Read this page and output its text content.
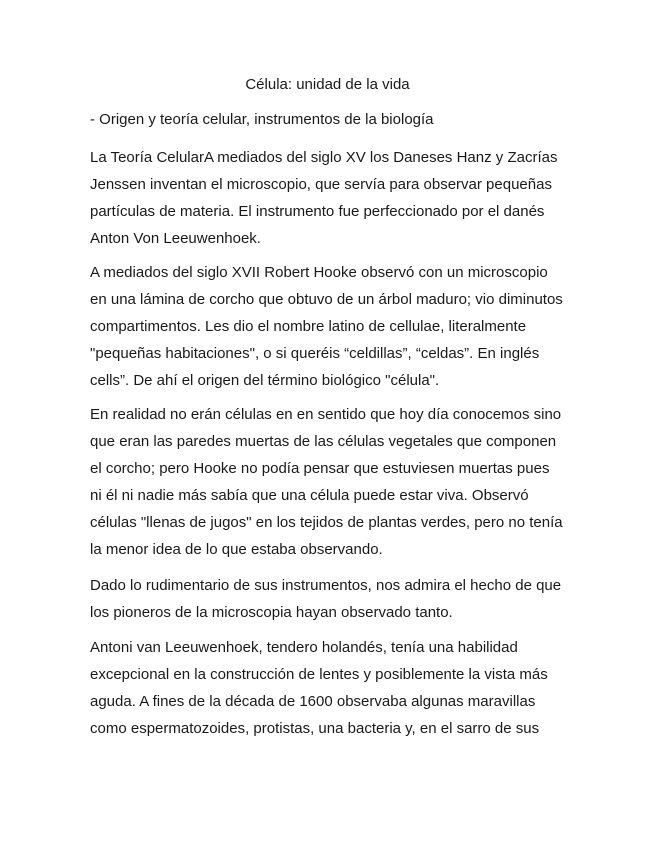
Célula: unidad de la vida

- Origen y teoría celular, instrumentos de la biología

La Teoría CelularA mediados del siglo XV los Daneses Hanz y Zacrías
Jenssen inventan el microscopio, que servía para observar pequeñas
partículas de materia. El instrumento fue perfeccionado por el danés
Anton Von Leeuwenhoek.

A mediados del siglo XVII Robert Hooke observó con un microscopio
en una lámina de corcho que obtuvo de un árbol maduro; vio diminutos
compartimentos. Les dio el nombre latino de cellulae, literalmente
"pequeñas habitaciones", o si queréis “celdillas”, “celdas”. En inglés
cells”. De ahí el origen del término biológico "célula".

En realidad no erán células en en sentido que hoy día conocemos sino
que eran las paredes muertas de las células vegetales que componen
el corcho; pero Hooke no podía pensar que estuviesen muertas pues
ni él ni nadie más sabía que una célula puede estar viva. Observó
células "llenas de jugos" en los tejidos de plantas verdes, pero no tenía
la menor idea de lo que estaba observando.

Dado lo rudimentario de sus instrumentos, nos admira el hecho de que
los pioneros de la microscopia hayan observado tanto.

Antoni van Leeuwenhoek, tendero holandés, tenía una habilidad
excepcional en la construcción de lentes y posiblemente la vista más
aguda. A fines de la década de 1600 observaba algunas maravillas
como espermatozoides, protistas, una bacteria y, en el sarro de sus
